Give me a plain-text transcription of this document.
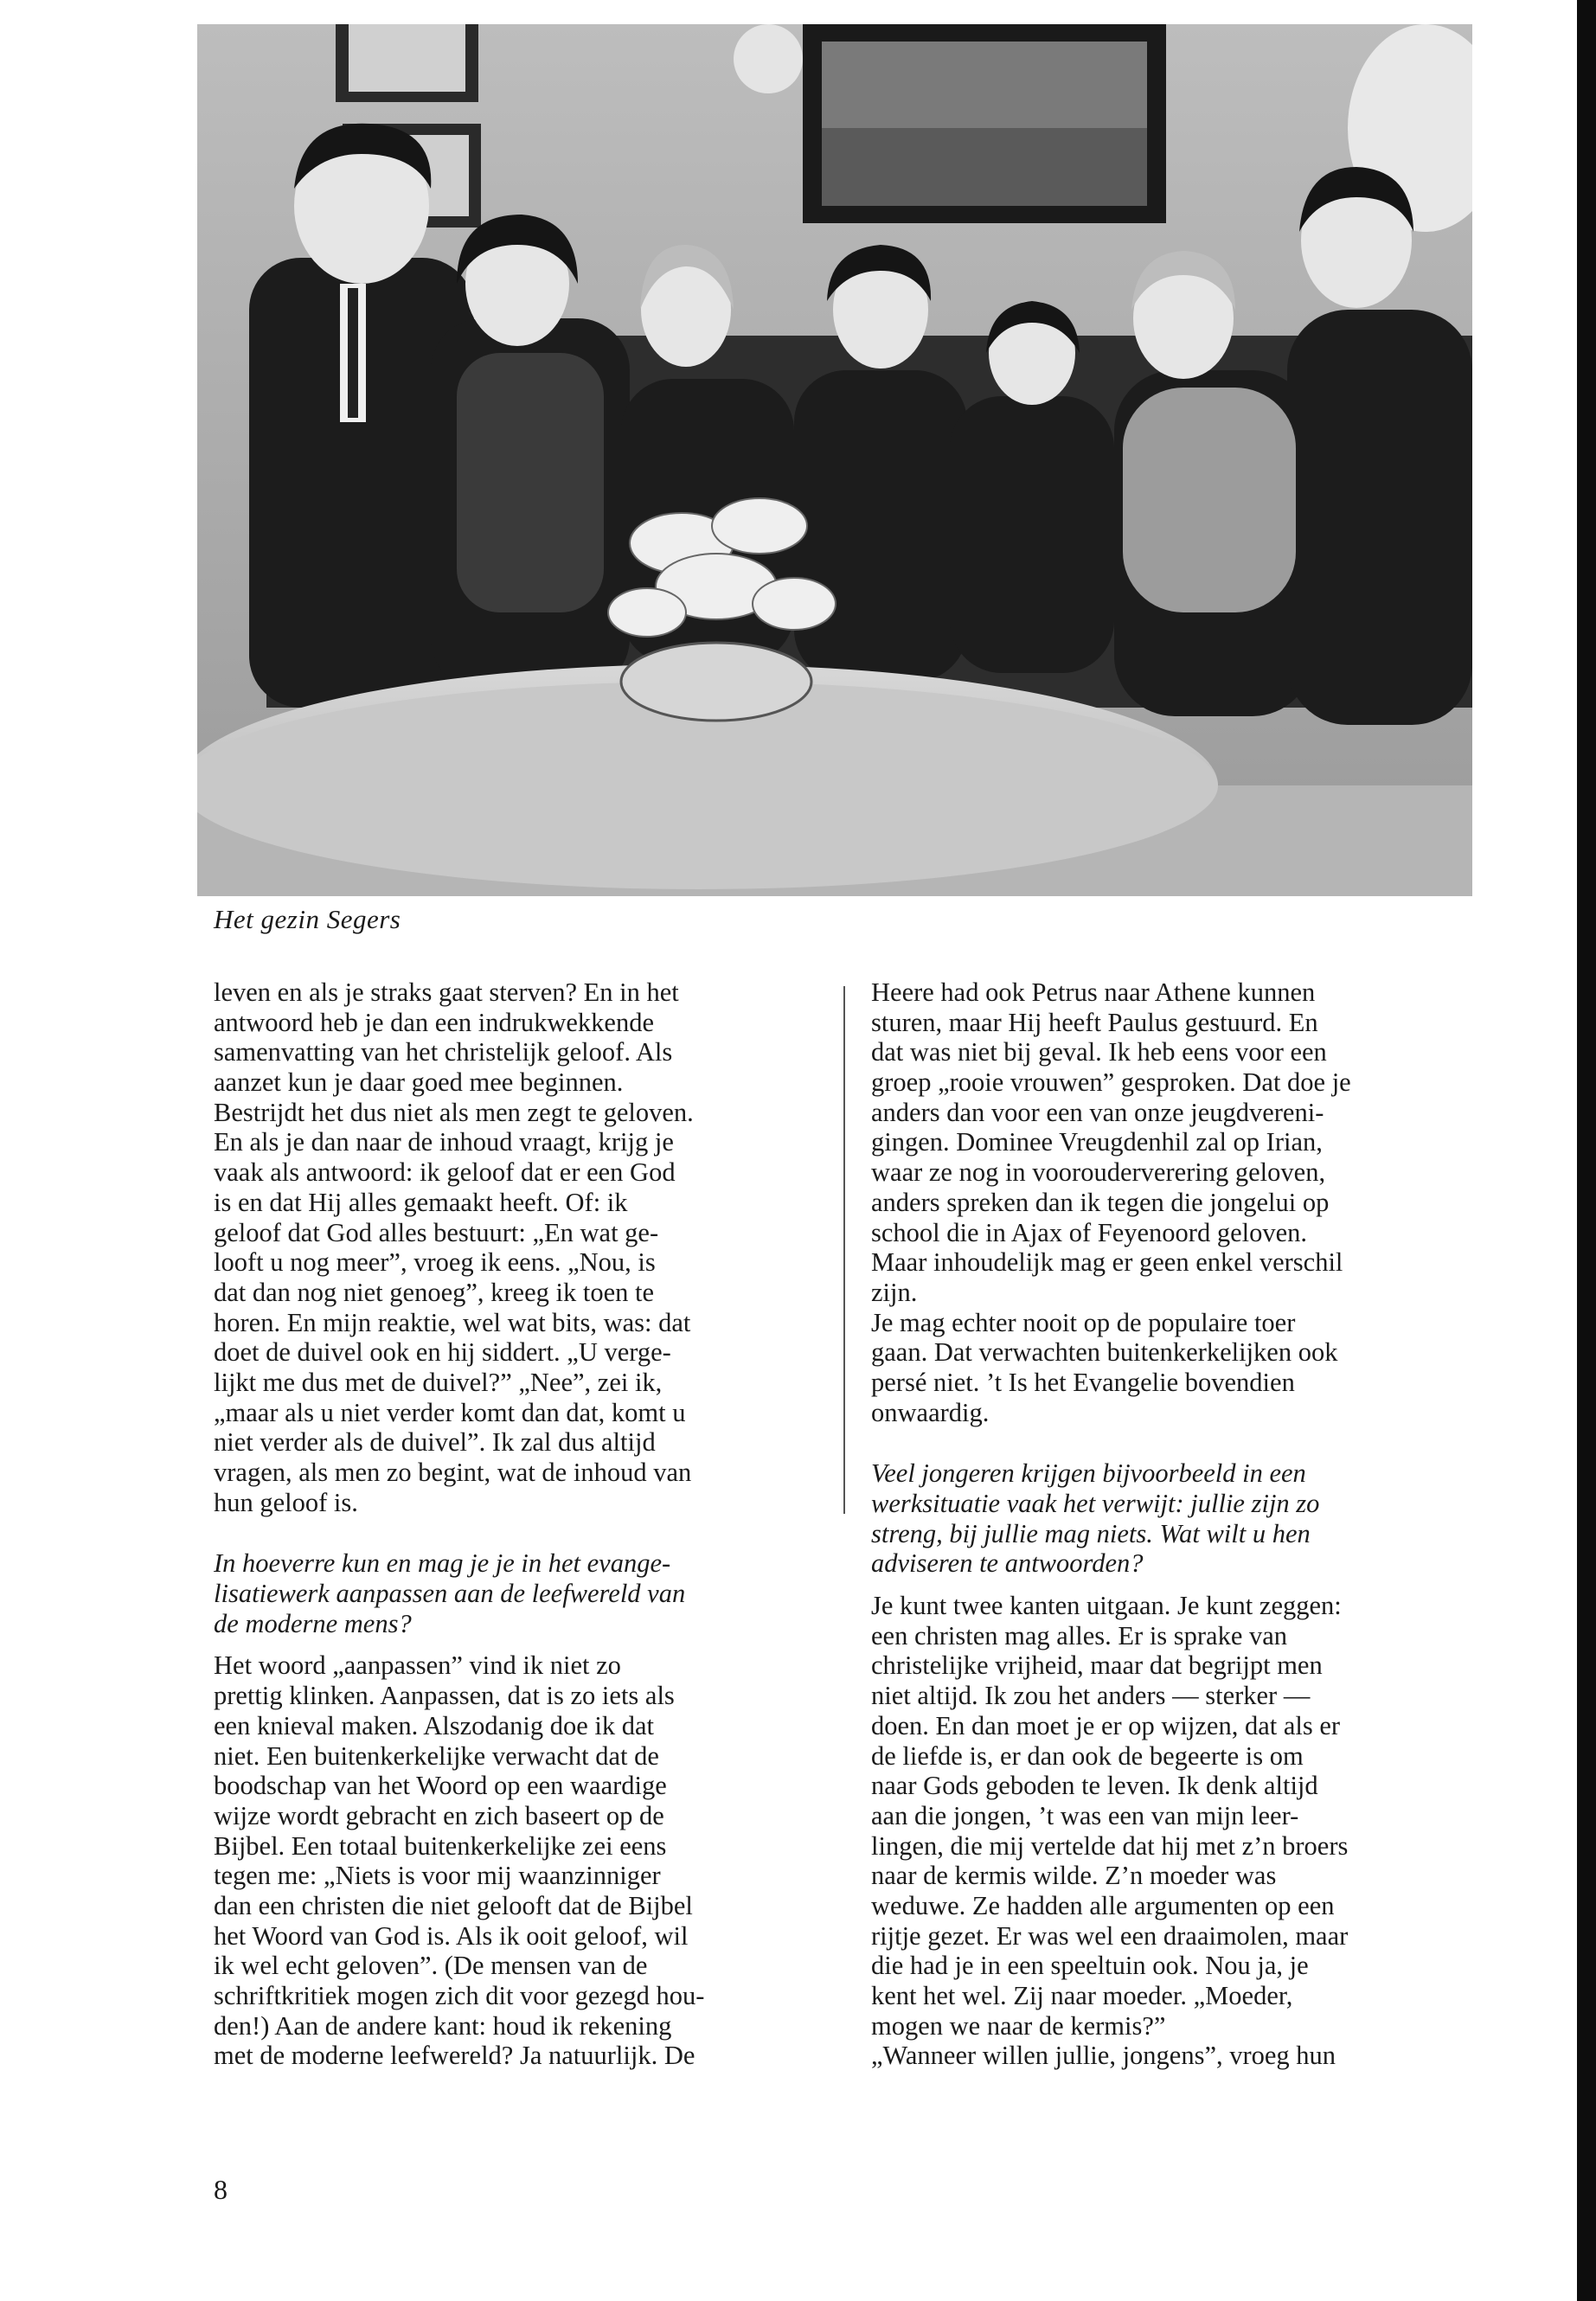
Het gezin Segers
leven en als je straks gaat sterven? En in het
antwoord heb je dan een indrukwekkende
samenvatting van het christelijk geloof. Als
aanzet kun je daar goed mee beginnen.
Bestrijdt het dus niet als men zegt te geloven.
En als je dan naar de inhoud vraagt, krijg je
vaak als antwoord: ik geloof dat er een God
is en dat Hij alles gemaakt heeft. Of: ik
geloof dat God alles bestuurt: „En wat ge-
looft u nog meer”, vroeg ik eens. „Nou, is
dat dan nog niet genoeg”, kreeg ik toen te
horen. En mijn reaktie, wel wat bits, was: dat
doet de duivel ook en hij siddert. „U verge-
lijkt me dus met de duivel?” „Nee”, zei ik,
„maar als u niet verder komt dan dat, komt u
niet verder als de duivel”. Ik zal dus altijd
vragen, als men zo begint, wat de inhoud van
hun geloof is.
In hoeverre kun en mag je je in het evange-
lisatiewerk aanpassen aan de leefwereld van
de moderne mens?
Het woord „aanpassen” vind ik niet zo
prettig klinken. Aanpassen, dat is zo iets als
een knieval maken. Alszodanig doe ik dat
niet. Een buitenkerkelijke verwacht dat de
boodschap van het Woord op een waardige
wijze wordt gebracht en zich baseert op de
Bijbel. Een totaal buitenkerkelijke zei eens
tegen me: „Niets is voor mij waanzinniger
dan een christen die niet gelooft dat de Bijbel
het Woord van God is. Als ik ooit geloof, wil
ik wel echt geloven”. (De mensen van de
schriftkritiek mogen zich dit voor gezegd hou-
den!) Aan de andere kant: houd ik rekening
met de moderne leefwereld? Ja natuurlijk. De
Heere had ook Petrus naar Athene kunnen
sturen, maar Hij heeft Paulus gestuurd. En
dat was niet bij geval. Ik heb eens voor een
groep „rooie vrouwen” gesproken. Dat doe je
anders dan voor een van onze jeugdvereni-
gingen. Dominee Vreugdenhil zal op Irian,
waar ze nog in voorouderverering geloven,
anders spreken dan ik tegen die jongelui op
school die in Ajax of Feyenoord geloven.
Maar inhoudelijk mag er geen enkel verschil
zijn.
Je mag echter nooit op de populaire toer
gaan. Dat verwachten buitenkerkelijken ook
persé niet. ’t Is het Evangelie bovendien
onwaardig.
Veel jongeren krijgen bijvoorbeeld in een
werksituatie vaak het verwijt: jullie zijn zo
streng, bij jullie mag niets. Wat wilt u hen
adviseren te antwoorden?
Je kunt twee kanten uitgaan. Je kunt zeggen:
een christen mag alles. Er is sprake van
christelijke vrijheid, maar dat begrijpt men
niet altijd. Ik zou het anders — sterker —
doen. En dan moet je er op wijzen, dat als er
de liefde is, er dan ook de begeerte is om
naar Gods geboden te leven. Ik denk altijd
aan die jongen, ’t was een van mijn leer-
lingen, die mij vertelde dat hij met z’n broers
naar de kermis wilde. Z’n moeder was
weduwe. Ze hadden alle argumenten op een
rijtje gezet. Er was wel een draaimolen, maar
die had je in een speeltuin ook. Nou ja, je
kent het wel. Zij naar moeder. „Moeder,
mogen we naar de kermis?”
„Wanneer willen jullie, jongens”, vroeg hun
8
